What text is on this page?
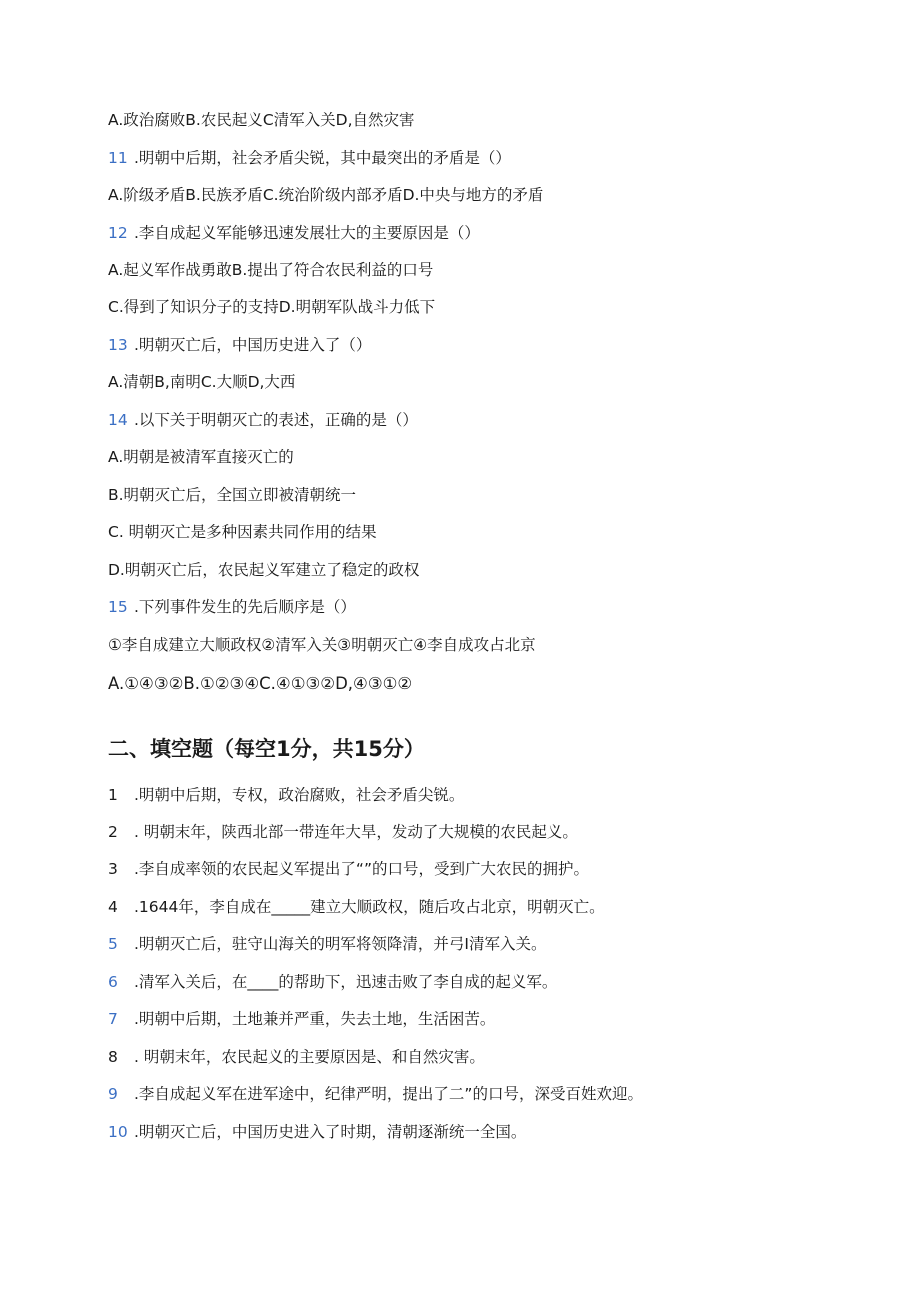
A.政治腐败B.农民起义C清军入关D,自然灾害
11 .明朝中后期，社会矛盾尖锐，其中最突出的矛盾是（）
A.阶级矛盾B.民族矛盾C.统治阶级内部矛盾D.中央与地方的矛盾
12 .李自成起义军能够迅速发展壮大的主要原因是（）
A.起义军作战勇敢B.提出了符合农民利益的口号
C.得到了知识分子的支持D.明朝军队战斗力低下
13 .明朝灭亡后，中国历史进入了（）
A.清朝B,南明C.大顺D,大西
14 .以下关于明朝灭亡的表述，正确的是（）
A.明朝是被清军直接灭亡的
B.明朝灭亡后，全国立即被清朝统一
C. 明朝灭亡是多种因素共同作用的结果
D.明朝灭亡后，农民起义军建立了稳定的政权
15 .下列事件发生的先后顺序是（）
①李自成建立大顺政权②清军入关③明朝灭亡④李自成攻占北京
A.①④③②B.①②③④C.④①③②D,④③①②
二、填空题（每空1分，共15分）
1 .明朝中后期，专权，政治腐败，社会矛盾尖锐。
2 . 明朝末年，陕西北部一带连年大旱，发动了大规模的农民起义。
3 .李自成率领的农民起义军提出了“”的口号，受到广大农民的拥护。
4 .1644年，李自成在_____建立大顺政权，随后攻占北京，明朝灭亡。
5 .明朝灭亡后，驻守山海关的明军将领降清，并弓I清军入关。
6 .清军入关后，在____的帮助下，迅速击败了李自成的起义军。
7 .明朝中后期，土地兼并严重，失去土地，生活困苦。
8 . 明朝末年，农民起义的主要原因是、和自然灾害。
9 .李自成起义军在进军途中，纪律严明，提出了二”的口号，深受百姓欢迎。
10 .明朝灭亡后，中国历史进入了时期，清朝逐渐统一全国。
